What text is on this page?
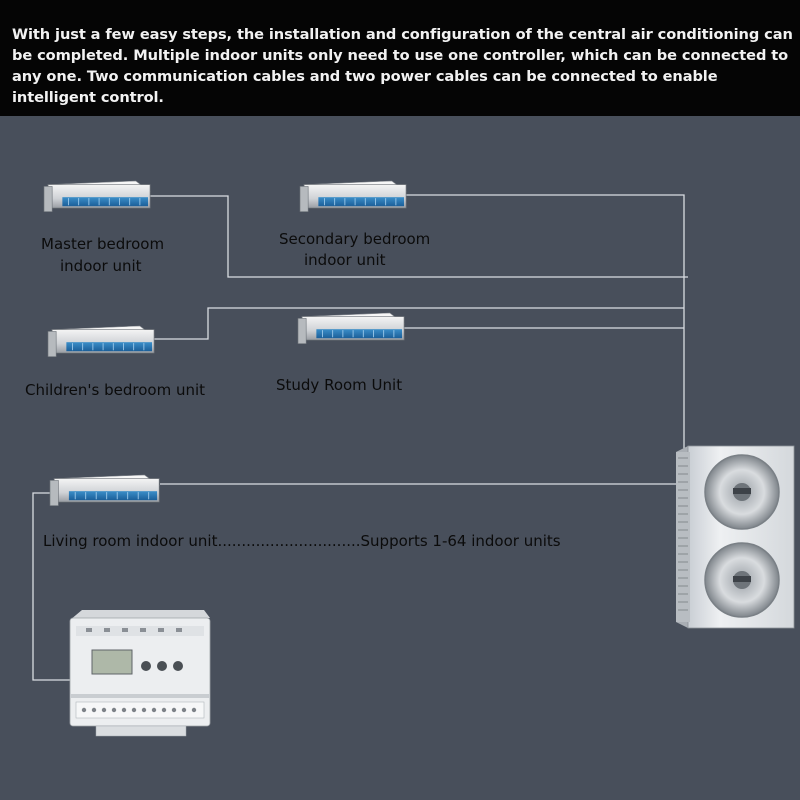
With just a few easy steps, the installation and configuration of the central air conditioning can be completed. Multiple indoor units only need to use one controller, which can be connected to any one. Two communication cables and two power cables can be connected to enable intelligent control.
Master bedroom
indoor unit
Secondary bedroom
indoor unit
Children's bedroom unit	Study Room Unit
Living room indoor unit..............................Supports 1-64 indoor units
